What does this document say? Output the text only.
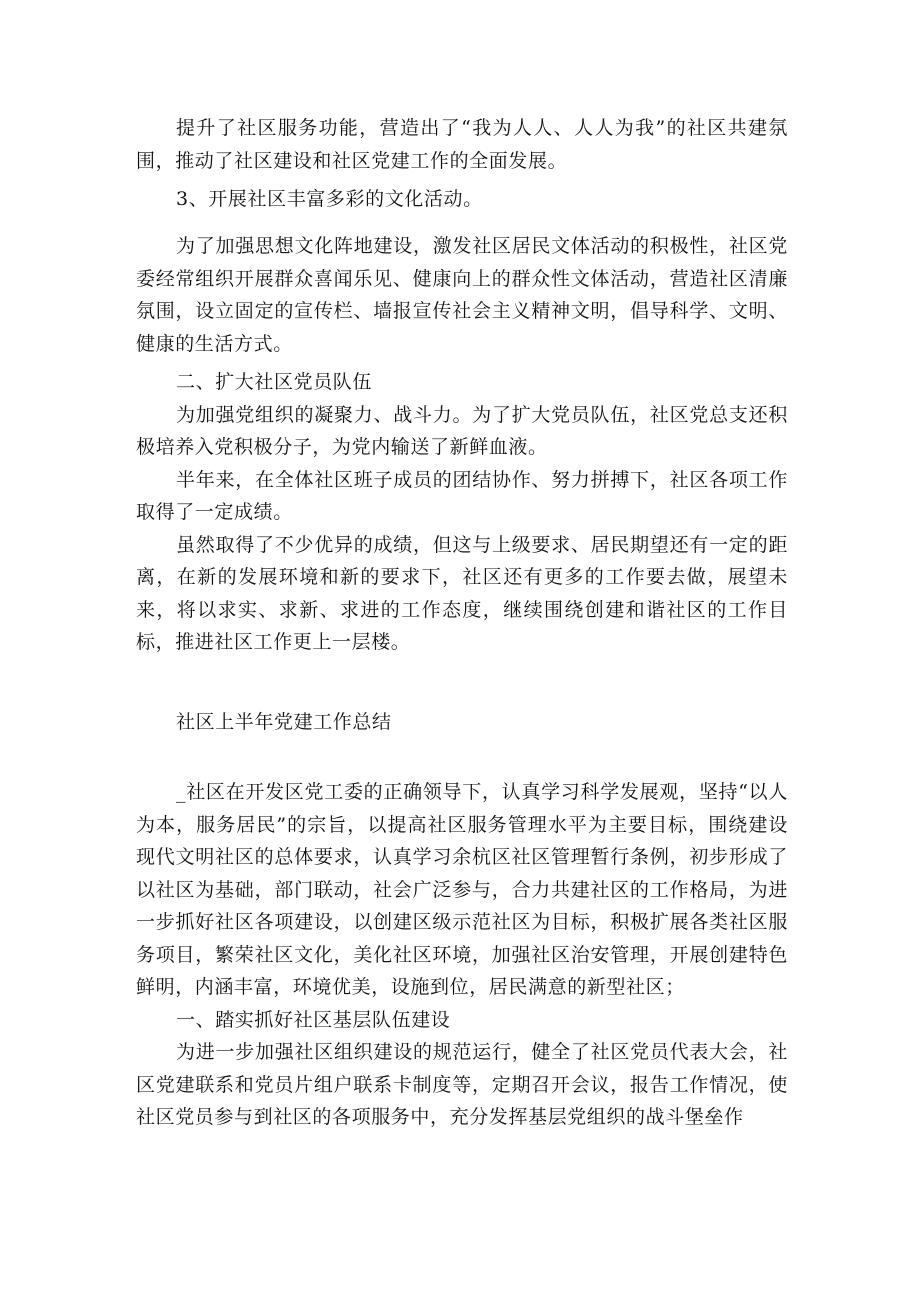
提升了社区服务功能，营造出了“我为人人、人人为我”的社区共建氛围，推动了社区建设和社区党建工作的全面发展。

3、开展社区丰富多彩的文化活动。

为了加强思想文化阵地建设，激发社区居民文体活动的积极性，社区党委经常组织开展群众喜闻乐见、健康向上的群众性文体活动，营造社区清廉氛围，设立固定的宣传栏、墙报宣传社会主义精神文明，倡导科学、文明、健康的生活方式。

二、扩大社区党员队伍

为加强党组织的凝聚力、战斗力。为了扩大党员队伍，社区党总支还积极培养入党积极分子，为党内输送了新鲜血液。

半年来，在全体社区班子成员的团结协作、努力拼搏下，社区各项工作取得了一定成绩。

虽然取得了不少优异的成绩，但这与上级要求、居民期望还有一定的距离，在新的发展环境和新的要求下，社区还有更多的工作要去做，展望未来，将以求实、求新、求进的工作态度，继续围绕创建和谐社区的工作目标，推进社区工作更上一层楼。

社区上半年党建工作总结

_社区在开发区党工委的正确领导下，认真学习科学发展观，坚持“以人为本，服务居民”的宗旨，以提高社区服务管理水平为主要目标，围绕建设现代文明社区的总体要求，认真学习余杭区社区管理暂行条例，初步形成了以社区为基础，部门联动，社会广泛参与，合力共建社区的工作格局，为进一步抓好社区各项建设，以创建区级示范社区为目标，积极扩展各类社区服务项目，繁荣社区文化，美化社区环境，加强社区治安管理，开展创建特色鲜明，内涵丰富，环境优美，设施到位，居民满意的新型社区；

一、踏实抓好社区基层队伍建设

为进一步加强社区组织建设的规范运行，健全了社区党员代表大会，社区党建联系和党员片组户联系卡制度等，定期召开会议，报告工作情况，使社区党员参与到社区的各项服务中，充分发挥基层党组织的战斗堡垒作
